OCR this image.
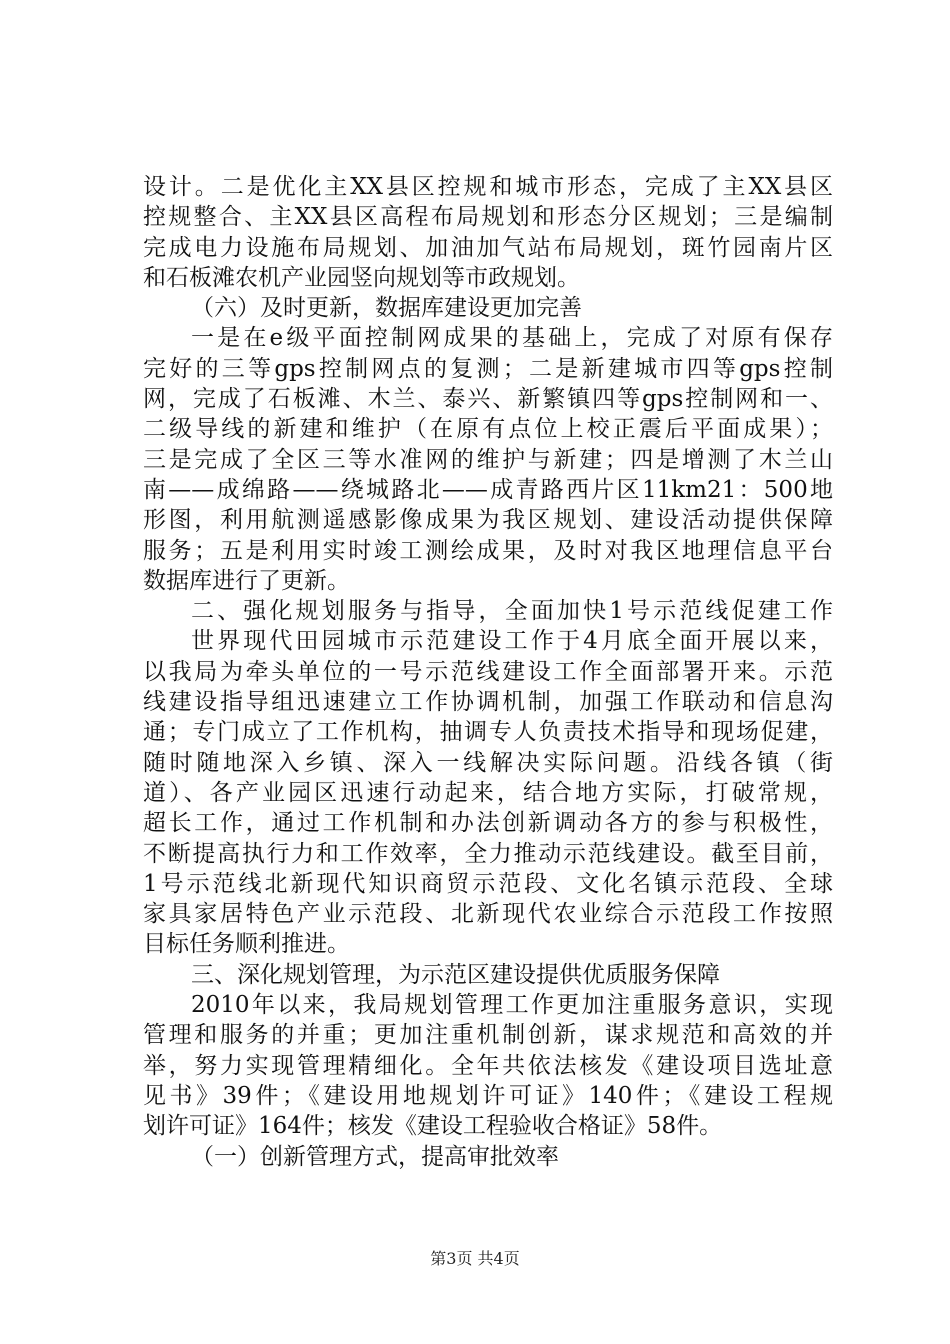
设计。二是优化主XX县区控规和城市形态，完成了主XX县区
控规整合、主XX县区高程布局规划和形态分区规划；三是编制
完成电力设施布局规划、加油加气站布局规划，斑竹园南片区
和石板滩农机产业园竖向规划等市政规划。
（六）及时更新，数据库建设更加完善
一是在e级平面控制网成果的基础上，完成了对原有保存
完好的三等gps控制网点的复测；二是新建城市四等gps控制
网，完成了石板滩、木兰、泰兴、新繁镇四等gps控制网和一、
二级导线的新建和维护（在原有点位上校正震后平面成果）；
三是完成了全区三等水准网的维护与新建；四是增测了木兰山
南——成绵路——绕城路北——成青路西片区11km21：500地
形图，利用航测遥感影像成果为我区规划、建设活动提供保障
服务；五是利用实时竣工测绘成果，及时对我区地理信息平台
数据库进行了更新。
二、强化规划服务与指导，全面加快1号示范线促建工作
世界现代田园城市示范建设工作于4月底全面开展以来，
以我局为牵头单位的一号示范线建设工作全面部署开来。示范
线建设指导组迅速建立工作协调机制，加强工作联动和信息沟
通；专门成立了工作机构，抽调专人负责技术指导和现场促建，
随时随地深入乡镇、深入一线解决实际问题。沿线各镇（街
道）、各产业园区迅速行动起来，结合地方实际，打破常规，
超长工作，通过工作机制和办法创新调动各方的参与积极性，
不断提高执行力和工作效率，全力推动示范线建设。截至目前，
1号示范线北新现代知识商贸示范段、文化名镇示范段、全球
家具家居特色产业示范段、北新现代农业综合示范段工作按照
目标任务顺利推进。
三、深化规划管理，为示范区建设提供优质服务保障
2010年以来，我局规划管理工作更加注重服务意识，实现
管理和服务的并重；更加注重机制创新，谋求规范和高效的并
举，努力实现管理精细化。全年共依法核发《建设项目选址意
见书》39件；《建设用地规划许可证》140件；《建设工程规
划许可证》164件；核发《建设工程验收合格证》58件。
（一）创新管理方式，提高审批效率
第3页 共4页
